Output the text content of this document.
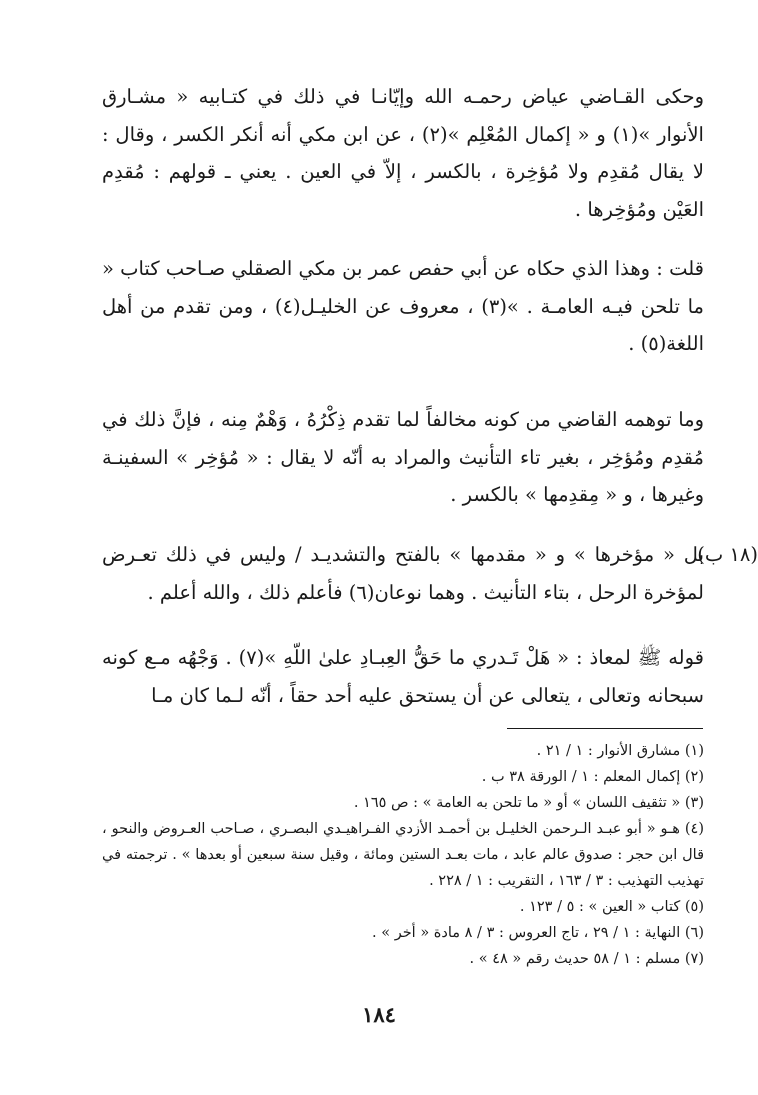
وحكى القـاضي عياض رحمـه الله وإيّانـا في ذلك في كتـابيه « مشـارق الأنوار »(١) و « إكمال المُعْلِم »(٢) ، عن ابن مكي أنه أنكر الكسر ، وقال : لا يقال مُقدِم ولا مُؤخِرة ، بالكسر ، إلاّ في العين . يعني ـ قولهم : مُقدِم العَيْن ومُؤخِرها .

قلت : وهذا الذي حكاه عن أبي حفص عمر بن مكي الصقلي صـاحب كتاب « ما تلحن فيـه العامـة . »(٣) ، معروف عن الخليـل(٤) ، ومن تقدم من أهل اللغة(٥) .

وما توهمه القاضي من كونه مخالفاً لما تقدم ذِكْرُهُ ، وَهْمٌ مِنه ، فإنَّ ذلك في مُقدِم ومُؤخِر ، بغير تاء التأنيث والمراد به أنّه لا يقال : « مُؤخِر » السفينـة وغيرها ، و « مِقدِمها » بالكسر .

(١٨ ب)

بل « مؤخرها » و « مقدمها » بالفتح والتشديـد / وليس في ذلك تعـرض لمؤخرة الرحل ، بتاء التأنيث . وهما نوعان(٦) فأعلم ذلك ، والله أعلم .

قوله ﷺ لمعاذ : « هَلْ تَـدري ما حَقُّ العِبـادِ علىٰ اللّهِ »(٧) . وَجْهُه مـع كونه سبحانه وتعالى ، يتعالى عن أن يستحق عليه أحد حقاً ، أنّه لـما كان مـا

(١) مشارق الأنوار : ١ / ٢١ .
(٢) إكمال المعلم : ١ / الورقة ٣٨ ب .
(٣) « تثقيف اللسان » أو « ما تلحن به العامة » : ص ١٦٥ .
(٤) هـو « أبو عبـد الـرحمن الخليـل بن أحمـد الأزدي الفـراهيـدي البصـري ، صـاحب العـروض والنحو ، قال ابن حجر : صدوق عالم عابد ، مات بعـد الستين ومائة ، وقيل سنة سبعين أو بعدها » . ترجمته في تهذيب التهذيب : ٣ / ١٦٣ ، التقريب : ١ / ٢٢٨ .
(٥) كتاب « العين » : ٥ / ١٢٣ .
(٦) النهاية : ١ / ٢٩ ، تاج العروس : ٣ / ٨ مادة « أخر » .
(٧) مسلم : ١ / ٥٨ حديث رقم « ٤٨ » .
١٨٤
